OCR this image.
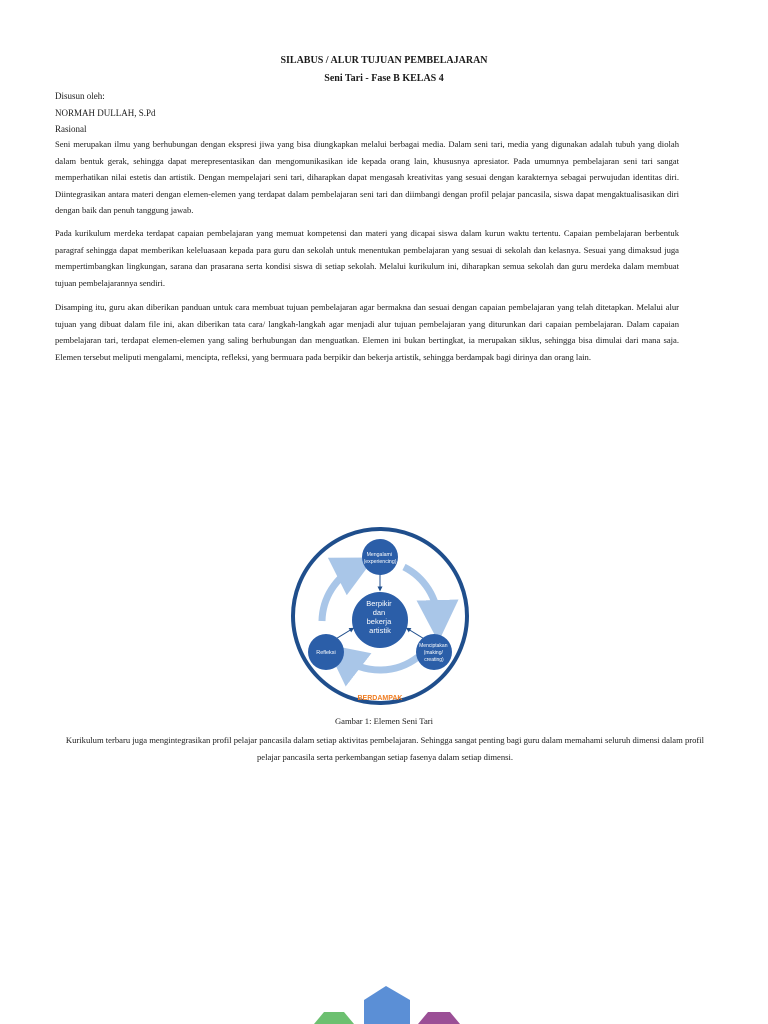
SILABUS / ALUR TUJUAN PEMBELAJARAN
Seni Tari - Fase B KELAS 4
Disusun oleh:
NORMAH DULLAH, S.Pd
Rasional

Seni merupakan ilmu yang berhubungan dengan ekspresi jiwa yang bisa diungkapkan melalui berbagai media. Dalam seni tari, media yang digunakan adalah tubuh yang diolah dalam bentuk gerak, sehingga dapat merepresentasikan dan mengomunikasikan ide kepada orang lain, khususnya apresiator. Pada umumnya pembelajaran seni tari sangat memperhatikan nilai estetis dan artistik. Dengan mempelajari seni tari, diharapkan dapat mengasah kreativitas yang sesuai dengan karakternya sebagai perwujudan identitas diri. Diintegrasikan antara materi dengan elemen-elemen yang terdapat dalam pembelajaran seni tari dan diimbangi dengan profil pelajar pancasila, siswa dapat mengaktualisasikan diri dengan baik dan penuh tanggung jawab.

Pada kurikulum merdeka terdapat capaian pembelajaran yang memuat kompetensi dan materi yang dicapai siswa dalam kurun waktu tertentu. Capaian pembelajaran berbentuk paragraf sehingga dapat memberikan keleluasaan kepada para guru dan sekolah untuk menentukan pembelajaran yang sesuai di sekolah dan kelasnya. Sesuai yang dimaksud juga mempertimbangkan lingkungan, sarana dan prasarana serta kondisi siswa di setiap sekolah. Melalui kurikulum ini, diharapkan semua sekolah dan guru merdeka dalam membuat tujuan pembelajarannya sendiri.

Disamping itu, guru akan diberikan panduan untuk cara membuat tujuan pembelajaran agar bermakna dan sesuai dengan capaian pembelajaran yang telah ditetapkan. Melalui alur tujuan yang dibuat dalam file ini, akan diberikan tata cara/ langkah-langkah agar menjadi alur tujuan pembelajaran yang diturunkan dari capaian pembelajaran. Dalam capaian pembelajaran tari, terdapat elemen-elemen yang saling berhubungan dan menguatkan. Elemen ini bukan bertingkat, ia merupakan siklus, sehingga bisa dimulai dari mana saja. Elemen tersebut meliputi mengalami, mencipta, refleksi, yang bermuara pada berpikir dan bekerja artistik, sehingga berdampak bagi dirinya dan orang lain.

Berpikir dan bekerja artistik
Mengalami (experiencing)
Refleksi
Menciptakan (making/ creating)
BERDAMPAK
Gambar 1: Elemen Seni Tari

Kurikulum terbaru juga mengintegrasikan profil pelajar pancasila dalam setiap aktivitas pembelajaran. Sehingga sangat penting bagi guru dalam memahami seluruh dimensi dalam profil pelajar pancasila serta perkembangan setiap fasenya dalam setiap dimensi.
